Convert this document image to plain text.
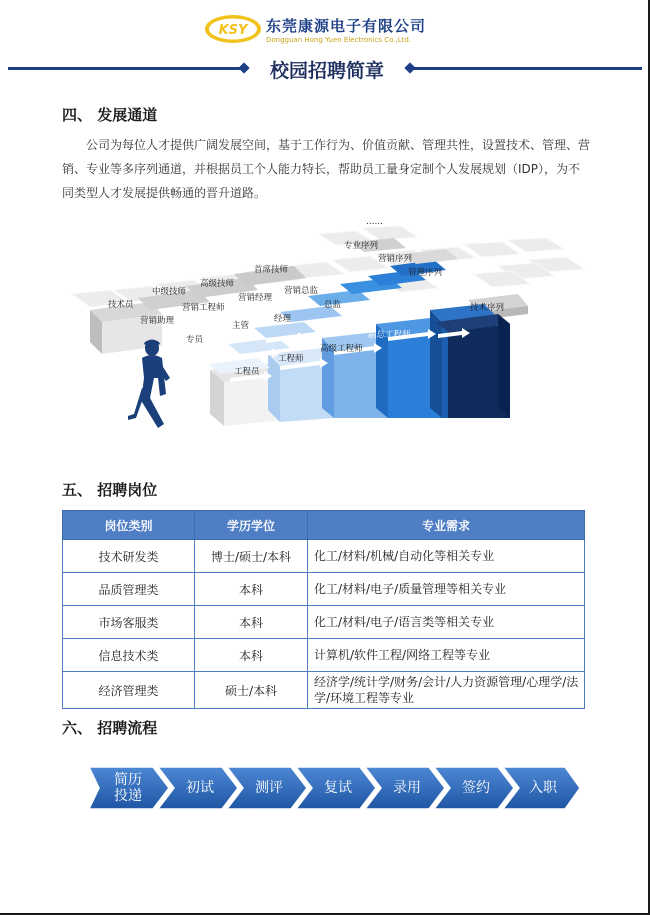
KSY 东莞康源电子有限公司
Dongguan Hong Yuen Electronics Co.,Ltd.
校园招聘简章
四、 发展通道
公司为每位人才提供广阔发展空间，基于工作行为、价值贡献、管理共性，设置技术、管理、营销、专业等多序列通道，并根据员工个人能力特长，帮助员工量身定制个人发展规划（IDP），为不同类型人才发展提供畅通的晋升道路。
……
专业序列
营销序列
管理序列
技术序列
首席技师
高级技师
中级技师
技术员
营销总监
营销经理
营销工程师
营销助理
总监
经理
主管
专员	副总工程师
高级工程师
工程师
工程员
五、 招聘岗位
岗位类别	学历学位	专业需求
技术研发类	博士/硕士/本科	化工/材料/机械/自动化等相关专业
品质管理类	本科	化工/材料/电子/质量管理等相关专业
市场客服类	本科	化工/材料/电子/语言类等相关专业
信息技术类	本科	计算机/软件工程/网络工程等专业
经济管理类	硕士/本科	经济学/统计学/财务/会计/人力资源管理/心理学/法学/环境工程等专业
六、 招聘流程
简历
投递	初试	测评	复试	录用	签约	入职
